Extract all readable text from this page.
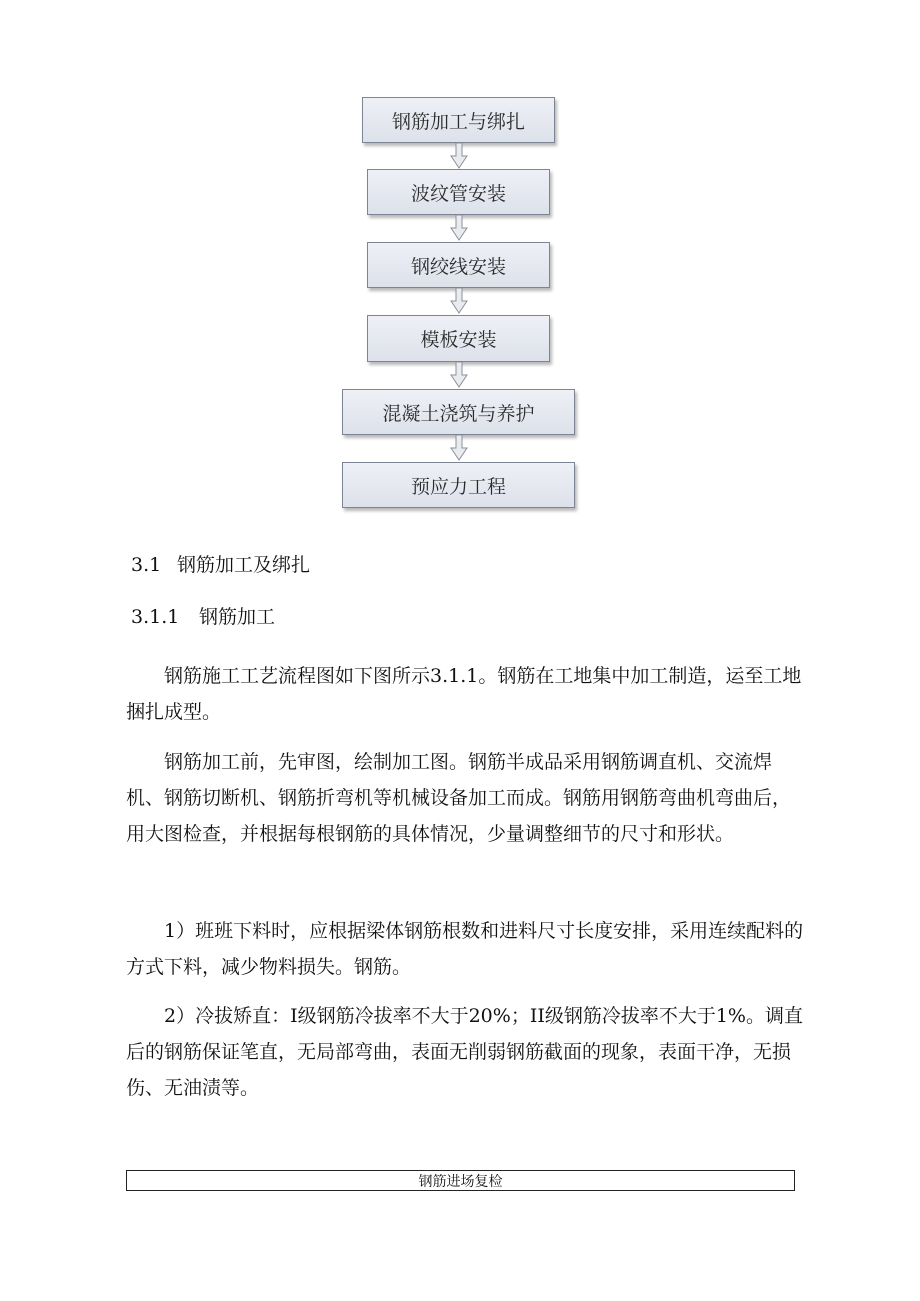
钢筋加工与绑扎
波纹管安装
钢绞线安装
模板安装
混凝土浇筑与养护
预应力工程
3.1 钢筋加工及绑扎
3.1.1 钢筋加工

钢筋施工工艺流程图如下图所示3.1.1。钢筋在工地集中加工制造，运至工地捆扎成型。

钢筋加工前，先审图，绘制加工图。钢筋半成品采用钢筋调直机、交流焊机、钢筋切断机、钢筋折弯机等机械设备加工而成。钢筋用钢筋弯曲机弯曲后，用大图检查，并根据每根钢筋的具体情况，少量调整细节的尺寸和形状。

1）班班下料时，应根据梁体钢筋根数和进料尺寸长度安排，采用连续配料的方式下料，减少物料损失。钢筋。

2）冷拔矫直：I级钢筋冷拔率不大于20%；II级钢筋冷拔率不大于1%。调直后的钢筋保证笔直，无局部弯曲，表面无削弱钢筋截面的现象，表面干净，无损伤、无油渍等。

钢筋进场复检
